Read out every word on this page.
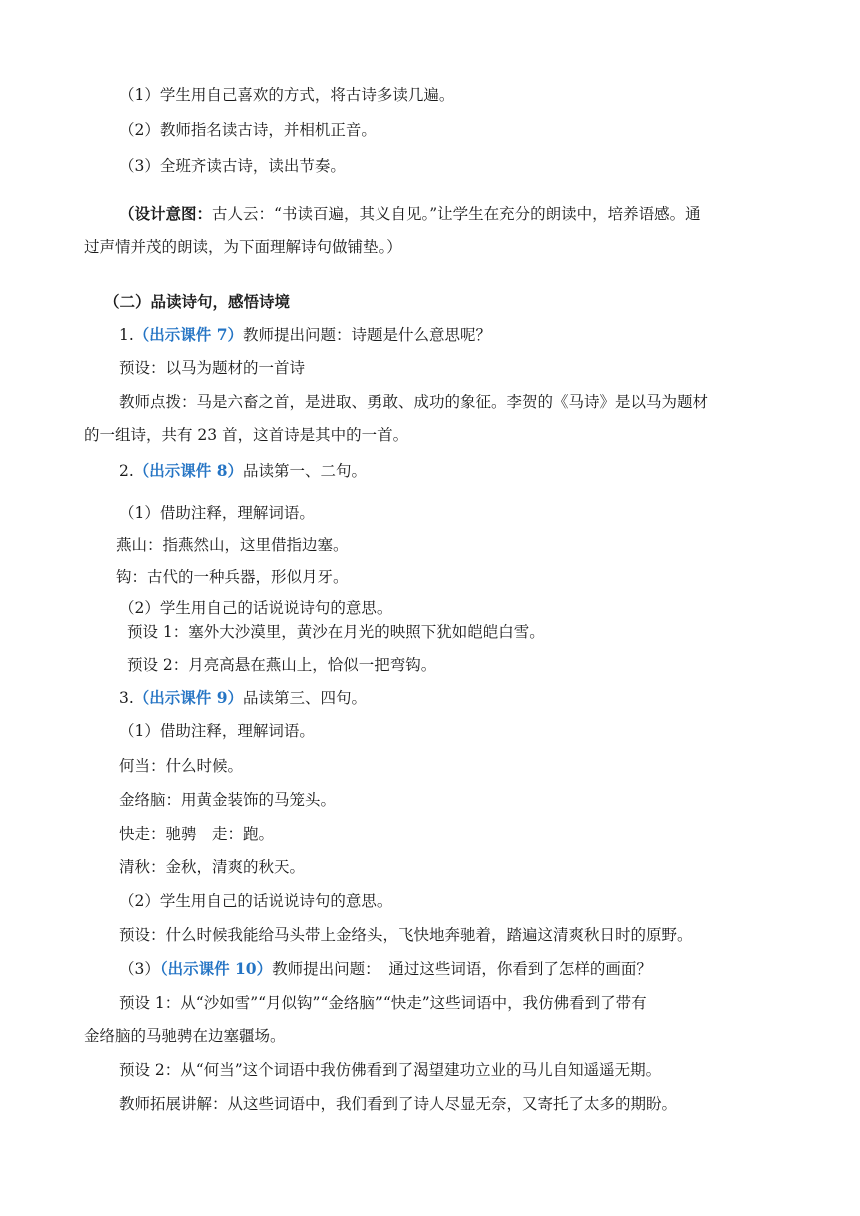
（1）学生用自己喜欢的方式，将古诗多读几遍。
（2）教师指名读古诗，并相机正音。
（3）全班齐读古诗，读出节奏。
（设计意图：古人云：“书读百遍，其义自见。”让学生在充分的朗读中，培养语感。通
过声情并茂的朗读，为下面理解诗句做铺垫。）
（二）品读诗句，感悟诗境
1.（出示课件 7）教师提出问题：诗题是什么意思呢？
预设：以马为题材的一首诗
教师点拨：马是六畜之首，是进取、勇敢、成功的象征。李贺的《马诗》是以马为题材
的一组诗，共有 23 首，这首诗是其中的一首。
2.（出示课件 8）品读第一、二句。
（1）借助注释，理解词语。
燕山：指燕然山，这里借指边塞。
钩：古代的一种兵器，形似月牙。
（2）学生用自己的话说说诗句的意思。
预设 1：塞外大沙漠里，黄沙在月光的映照下犹如皑皑白雪。
预设 2：月亮高悬在燕山上，恰似一把弯钩。
3.（出示课件 9）品读第三、四句。
（1）借助注释，理解词语。
何当：什么时候。
金络脑：用黄金装饰的马笼头。
快走：驰骋　走：跑。
清秋：金秋，清爽的秋天。
（2）学生用自己的话说说诗句的意思。
预设：什么时候我能给马头带上金络头，飞快地奔驰着，踏遍这清爽秋日时的原野。
（3）（出示课件 10）教师提出问题：　通过这些词语，你看到了怎样的画面？
预设 1：从“沙如雪”“月似钩”“金络脑”“快走”这些词语中，我仿佛看到了带有
金络脑的马驰骋在边塞疆场。
预设 2：从“何当”这个词语中我仿佛看到了渴望建功立业的马儿自知遥遥无期。
教师拓展讲解：从这些词语中，我们看到了诗人尽显无奈，又寄托了太多的期盼。
